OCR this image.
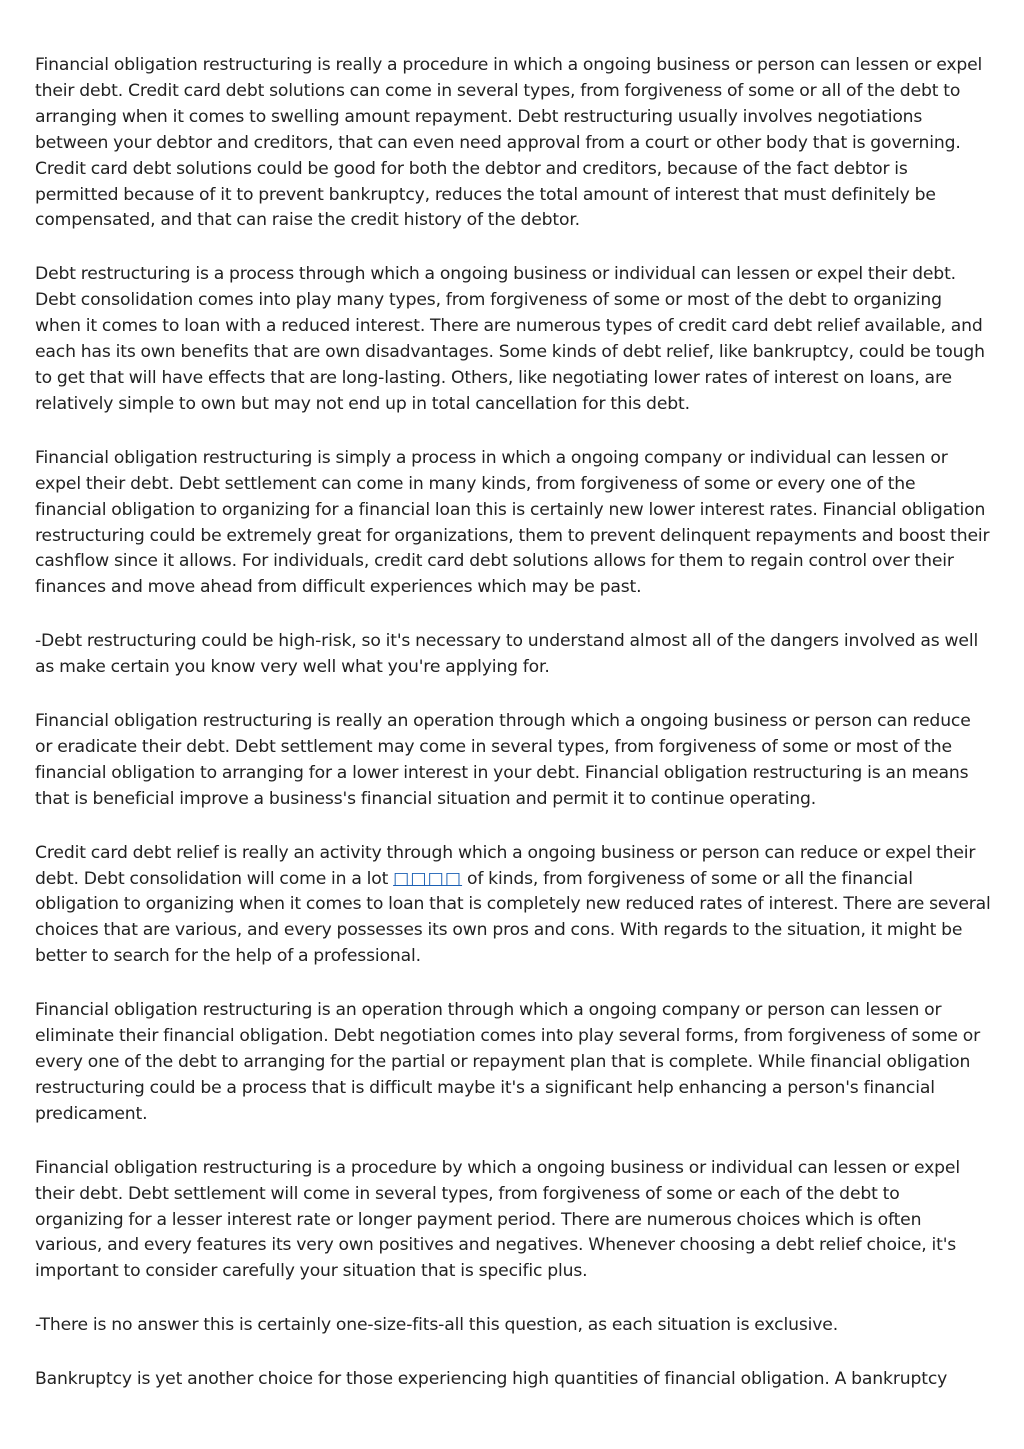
Financial obligation restructuring is really a procedure in which a ongoing business or person can lessen or expel their debt. Credit card debt solutions can come in several types, from forgiveness of some or all of the debt to arranging when it comes to swelling amount repayment. Debt restructuring usually involves negotiations between your debtor and creditors, that can even need approval from a court or other body that is governing. Credit card debt solutions could be good for both the debtor and creditors, because of the fact debtor is permitted because of it to prevent bankruptcy, reduces the total amount of interest that must definitely be compensated, and that can raise the credit history of the debtor.

Debt restructuring is a process through which a ongoing business or individual can lessen or expel their debt. Debt consolidation comes into play many types, from forgiveness of some or most of the debt to organizing when it comes to loan with a reduced interest. There are numerous types of credit card debt relief available, and each has its own benefits that are own disadvantages. Some kinds of debt relief, like bankruptcy, could be tough to get that will have effects that are long-lasting. Others, like negotiating lower rates of interest on loans, are relatively simple to own but may not end up in total cancellation for this debt.

Financial obligation restructuring is simply a process in which a ongoing company or individual can lessen or expel their debt. Debt settlement can come in many kinds, from forgiveness of some or every one of the financial obligation to organizing for a financial loan this is certainly new lower interest rates. Financial obligation restructuring could be extremely great for organizations, them to prevent delinquent repayments and boost their cashflow since it allows. For individuals, credit card debt solutions allows for them to regain control over their finances and move ahead from difficult experiences which may be past.

-Debt restructuring could be high-risk, so it's necessary to understand almost all of the dangers involved as well as make certain you know very well what you're applying for.

Financial obligation restructuring is really an operation through which a ongoing business or person can reduce or eradicate their debt. Debt settlement may come in several types, from forgiveness of some or most of the financial obligation to arranging for a lower interest in your debt. Financial obligation restructuring is an means that is beneficial improve a business's financial situation and permit it to continue operating.

Credit card debt relief is really an activity through which a ongoing business or person can reduce or expel their debt. Debt consolidation will come in a lot □□□□ of kinds, from forgiveness of some or all the financial obligation to organizing when it comes to loan that is completely new reduced rates of interest. There are several choices that are various, and every possesses its own pros and cons. With regards to the situation, it might be better to search for the help of a professional.

Financial obligation restructuring is an operation through which a ongoing company or person can lessen or eliminate their financial obligation. Debt negotiation comes into play several forms, from forgiveness of some or every one of the debt to arranging for the partial or repayment plan that is complete. While financial obligation restructuring could be a process that is difficult maybe it's a significant help enhancing a person's financial predicament.

Financial obligation restructuring is a procedure by which a ongoing business or individual can lessen or expel their debt. Debt settlement will come in several types, from forgiveness of some or each of the debt to organizing for a lesser interest rate or longer payment period. There are numerous choices which is often various, and every features its very own positives and negatives. Whenever choosing a debt relief choice, it's important to consider carefully your situation that is specific plus.

-There is no answer this is certainly one-size-fits-all this question, as each situation is exclusive.

Bankruptcy is yet another choice for those experiencing high quantities of financial obligation. A bankruptcy
